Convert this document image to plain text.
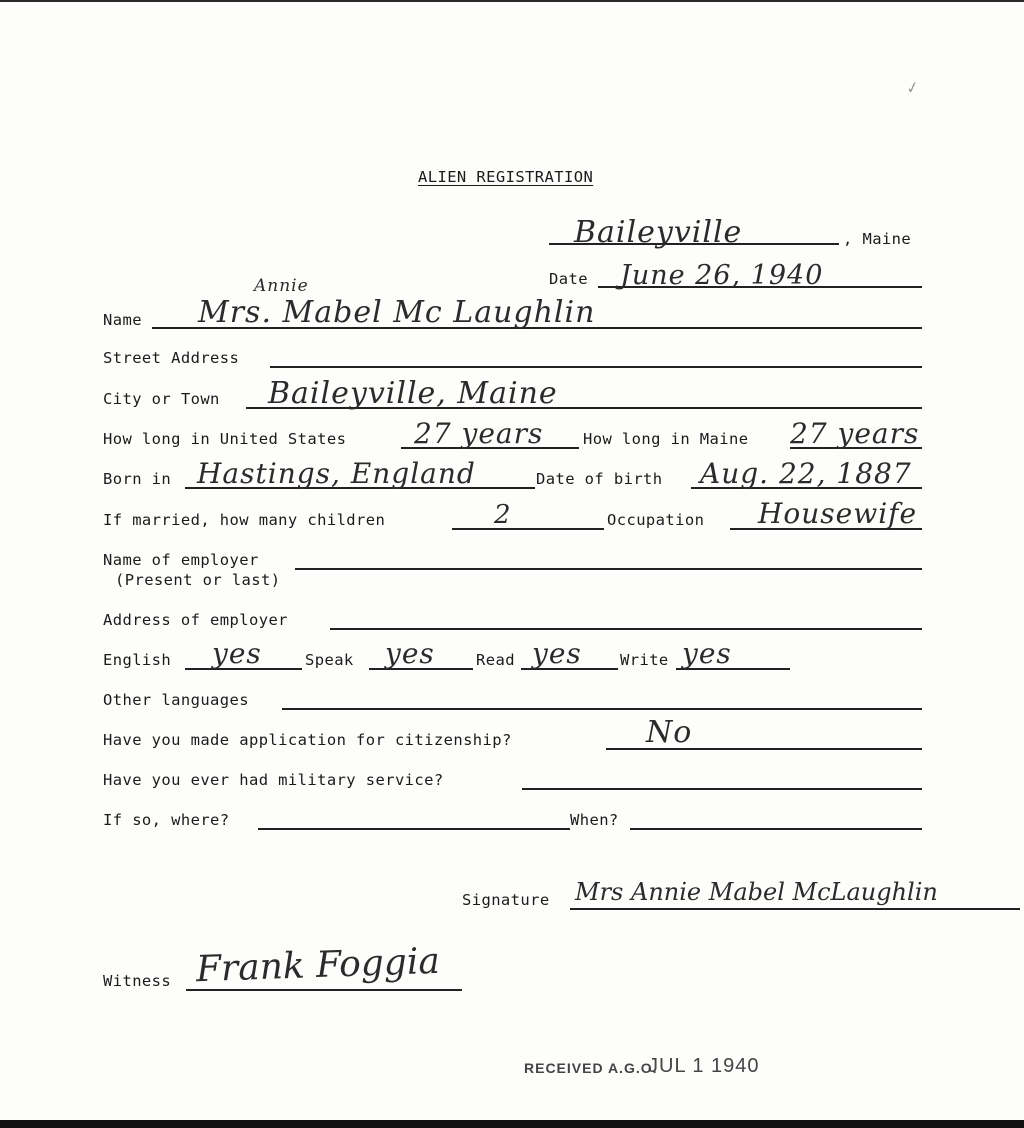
✓
ALIEN REGISTRATION
Baileyville	, Maine
Date June 26, 1940
Name
Annie
Mrs. Mabel Mc Laughlin
Street Address
City or Town Baileyville, Maine
How long in United States 27 years	How long in Maine 27 years
Born in Hastings, England	Date of birth Aug. 22, 1887
If married, how many children	2	Occupation Housewife
Name of employer
(Present or last)
Address of employer
English yes	Speak yes	Read yes Write yes
Other languages
Have you made application for citizenship?	No
Have you ever had military service?
If so, where?	When?
Signature Mrs Annie Mabel McLaughlin
Witness Frank Foggia
RECEIVED A.G.O.
JUL 1 1940
